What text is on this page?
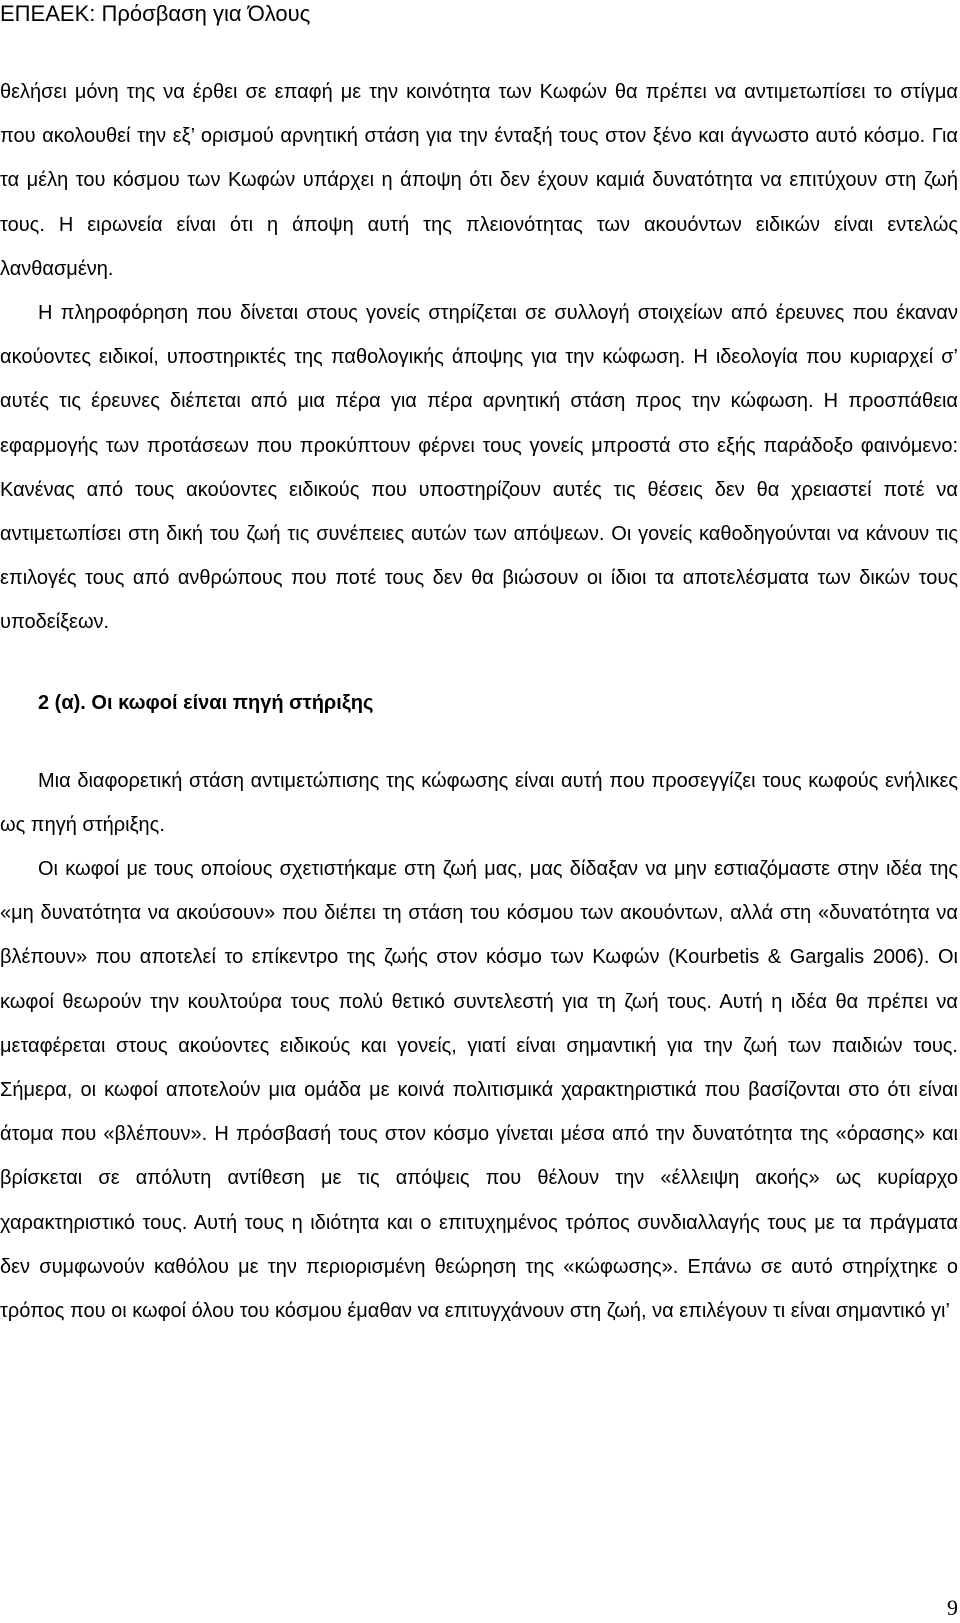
ΕΠΕΑΕΚ: Πρόσβαση για Όλους

θελήσει μόνη της να έρθει σε επαφή με την κοινότητα των Κωφών θα πρέπει να αντιμετωπίσει το στίγμα που ακολουθεί την εξ’ ορισμού αρνητική στάση για την ένταξή τους στον ξένο και άγνωστο αυτό κόσμο. Για τα μέλη του κόσμου των Κωφών υπάρχει η άποψη ότι δεν έχουν καμιά δυνατότητα να επιτύχουν στη ζωή τους. Η ειρωνεία είναι ότι η άποψη αυτή της πλειονότητας των ακουόντων ειδικών είναι εντελώς λανθασμένη.

Η πληροφόρηση που δίνεται στους γονείς στηρίζεται σε συλλογή στοιχείων από έρευνες που έκαναν ακούοντες ειδικοί, υποστηρικτές της παθολογικής άποψης για την κώφωση. Η ιδεολογία που κυριαρχεί σ’ αυτές τις έρευνες διέπεται από μια πέρα για πέρα αρνητική στάση προς την κώφωση. Η προσπάθεια εφαρμογής των προτάσεων που προκύπτουν φέρνει τους γονείς μπροστά στο εξής παράδοξο φαινόμενο: Κανένας από τους ακούοντες ειδικούς που υποστηρίζουν αυτές τις θέσεις δεν θα χρειαστεί ποτέ να αντιμετωπίσει στη δική του ζωή τις συνέπειες αυτών των απόψεων. Οι γονείς καθοδηγούνται να κάνουν τις επιλογές τους από ανθρώπους που ποτέ τους δεν θα βιώσουν οι ίδιοι τα αποτελέσματα των δικών τους υποδείξεων.

2 (α). Οι κωφοί είναι πηγή στήριξης

Μια διαφορετική στάση αντιμετώπισης της κώφωσης είναι αυτή που προσεγγίζει τους κωφούς ενήλικες ως πηγή στήριξης.

Οι κωφοί με τους οποίους σχετιστήκαμε στη ζωή μας, μας δίδαξαν να μην εστιαζόμαστε στην ιδέα της «μη δυνατότητα να ακούσουν» που διέπει τη στάση του κόσμου των ακουόντων, αλλά στη «δυνατότητα να βλέπουν» που αποτελεί το επίκεντρο της ζωής στον κόσμο των Κωφών (Kourbetis & Gargalis 2006). Οι κωφοί θεωρούν την κουλτούρα τους πολύ θετικό συντελεστή για τη ζωή τους. Αυτή η ιδέα θα πρέπει να μεταφέρεται στους ακούοντες ειδικούς και γονείς, γιατί είναι σημαντική για την ζωή των παιδιών τους. Σήμερα, οι κωφοί αποτελούν μια ομάδα με κοινά πολιτισμικά χαρακτηριστικά που βασίζονται στο ότι είναι άτομα που «βλέπουν». Η πρόσβασή τους στον κόσμο γίνεται μέσα από την δυνατότητα της «όρασης» και βρίσκεται σε απόλυτη αντίθεση με τις απόψεις που θέλουν την «έλλειψη ακοής» ως κυρίαρχο χαρακτηριστικό τους. Αυτή τους η ιδιότητα και ο επιτυχημένος τρόπος συνδιαλλαγής τους με τα πράγματα δεν συμφωνούν καθόλου με την περιορισμένη θεώρηση της «κώφωσης». Επάνω σε αυτό στηρίχτηκε ο τρόπος που οι κωφοί όλου του κόσμου έμαθαν να επιτυγχάνουν στη ζωή, να επιλέγουν τι είναι σημαντικό γι’

9
